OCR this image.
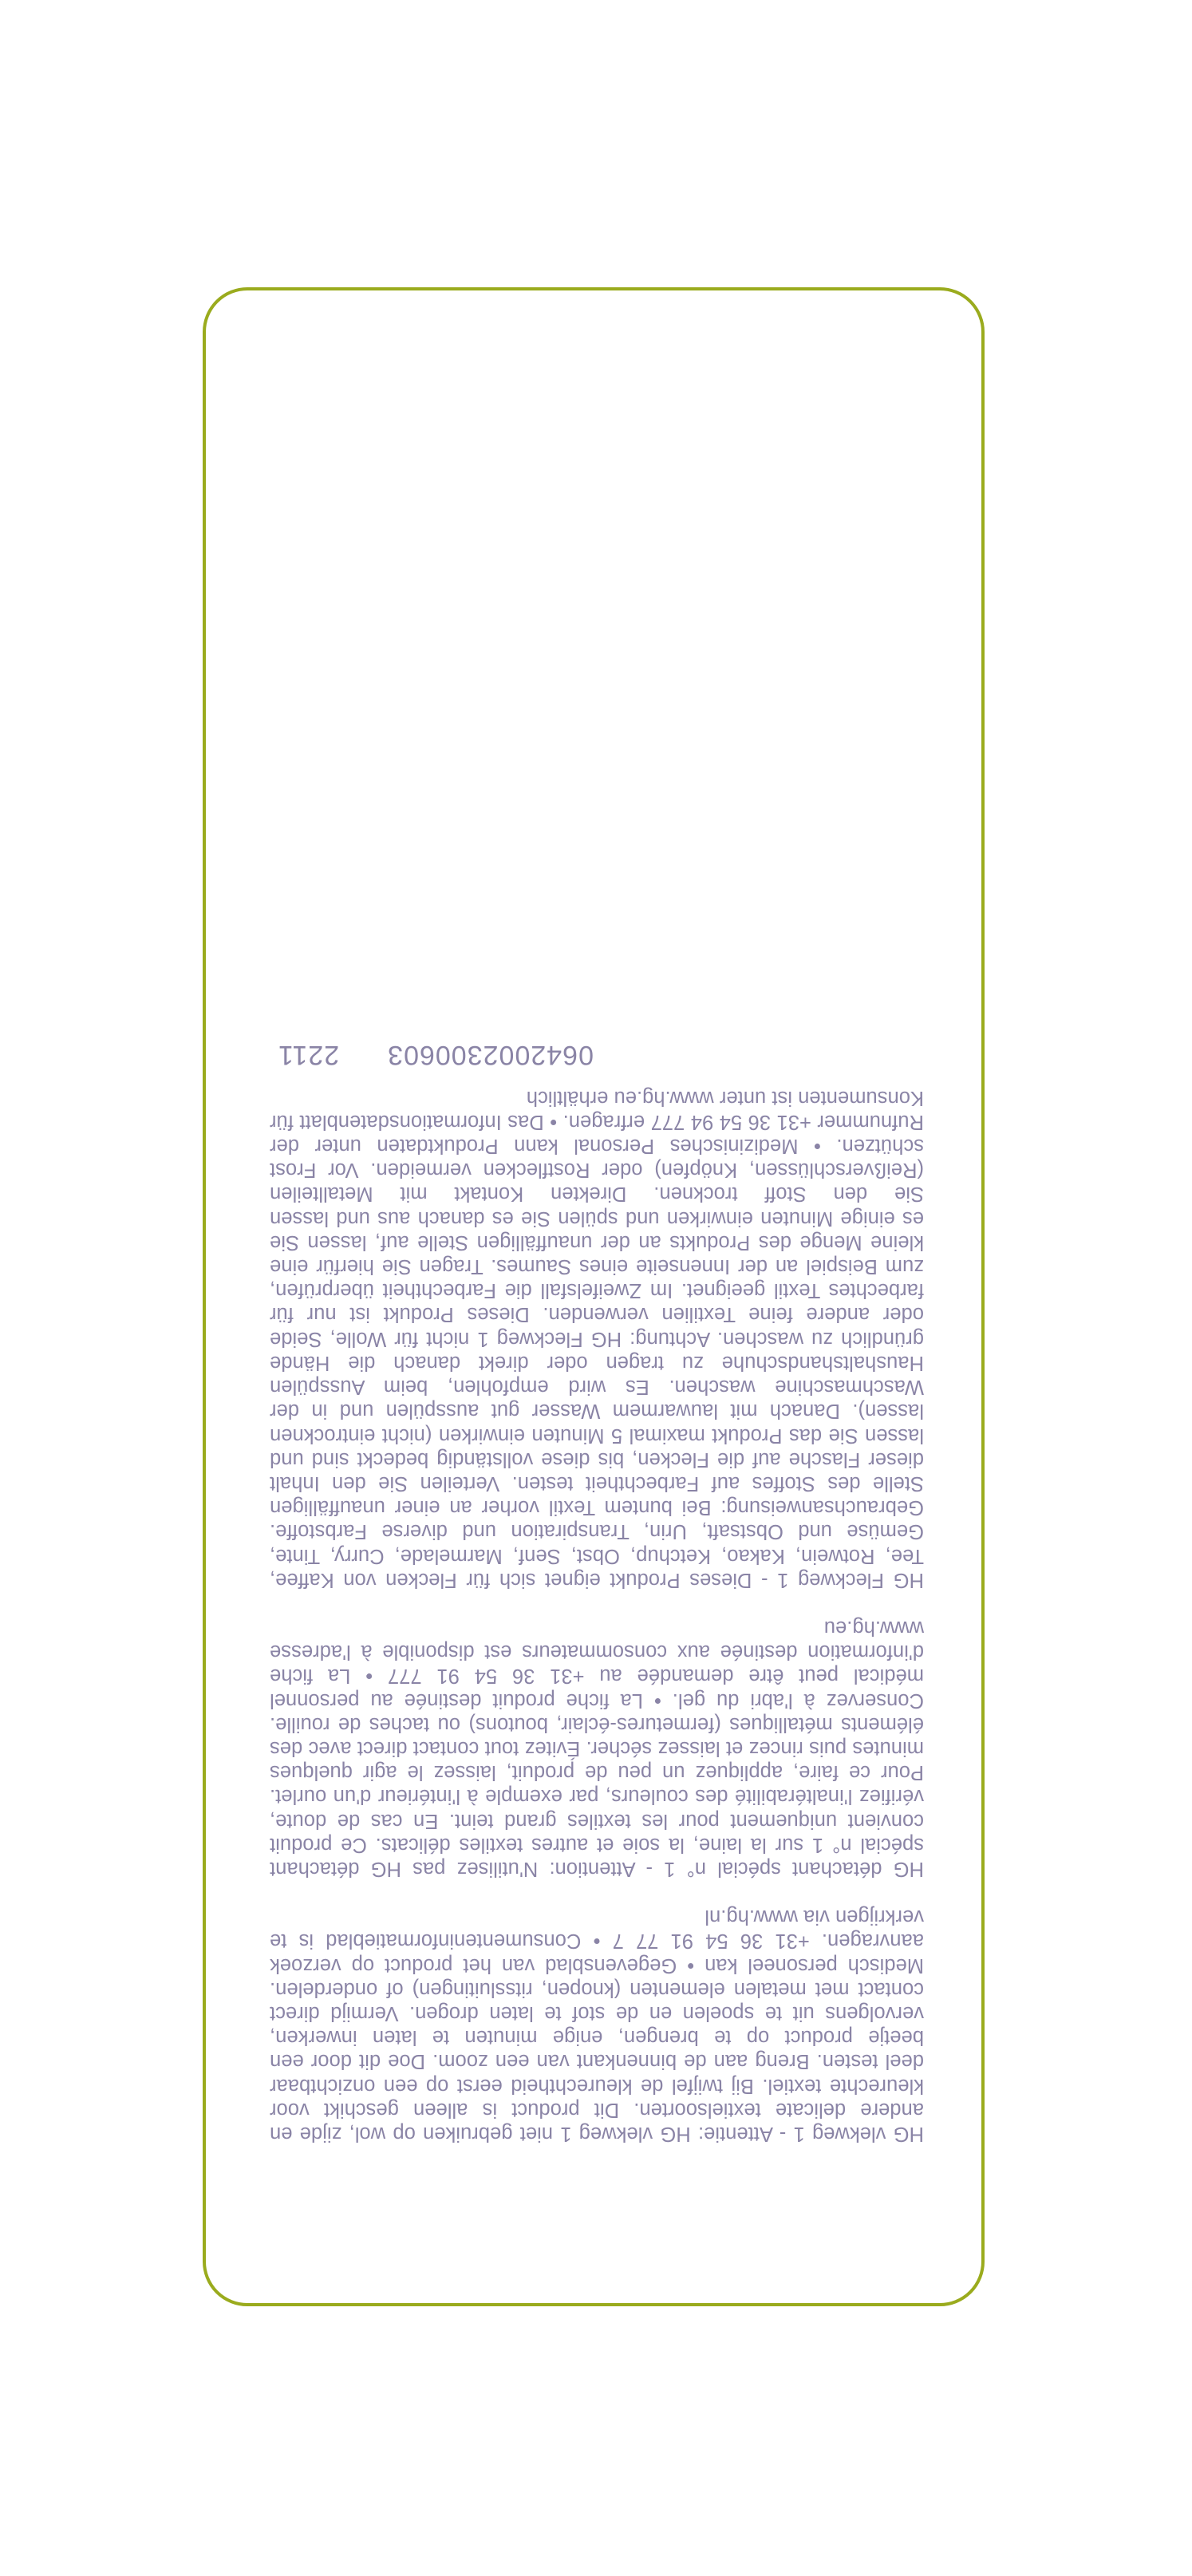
HG vlekweg 1 - Attentie: HG vlekweg 1 niet gebruiken op wol, zijde en andere delicate textielsoorten. Dit product is alleen geschikt voor kleurechte textiel. Bij twijfel de kleurechtheid eerst op een onzichtbaar deel testen. Breng aan de binnenkant van een zoom. Doe dit door een beetje product op te brengen, enige minuten te laten inwerken, vervolgens uit te spoelen en de stof te laten drogen. Vermijd direct contact met metalen elementen (knopen, ritssluitingen) of onderdelen. Medisch personeel kan • Gegevensblad van het product op verzoek aanvragen. +31 36 54 91 77 7 • Consumenteninformatieblad is te verkrijgen via www.hg.nl

HG détachant spécial n° 1 - Attention: N'utilisez pas HG détachant spécial n° 1 sur la laine, la soie et autres textiles délicats. Ce produit convient uniquement pour les textiles grand teint. En cas de doute, vérifiez l'inaltérabilité des couleurs, par exemple à l'intérieur d'un ourlet. Pour ce faire, appliquez un peu de produit, laissez le agir quelques minutes puis rincez et laissez sécher. Évitez tout contact direct avec des éléments métalliques (fermetures-éclair, boutons) ou taches de rouille. Conservez à l'abri du gel. • La fiche produit destinée au personnel médical peut être demandée au +31 36 54 91 777 • La fiche d'information destinée aux consommateurs est disponible à l'adresse www.hg.eu

HG Fleckweg 1 - Dieses Produkt eignet sich für Flecken von Kaffee, Tee, Rotwein, Kakao, Ketchup, Obst, Senf, Marmelade, Curry, Tinte, Gemüse und Obstsaft, Urin, Transpiration und diverse Farbstoffe. Gebrauchsanweisung: Bei buntem Textil vorher an einer unauffälligen Stelle des Stoffes auf Farbechtheit testen. Verteilen Sie den Inhalt dieser Flasche auf die Flecken, bis diese vollständig bedeckt sind und lassen Sie das Produkt maximal 5 Minuten einwirken (nicht eintrocknen lassen). Danach mit lauwarmem Wasser gut ausspülen und in der Waschmaschine waschen. Es wird empfohlen, beim Ausspülen Haushaltshandschuhe zu tragen oder direkt danach die Hände gründlich zu waschen. Achtung: HG Fleckweg 1 nicht für Wolle, Seide oder andere feine Textilien verwenden. Dieses Produkt ist nur für farbechtes Textil geeignet. Im Zweifelsfall die Farbechtheit überprüfen, zum Beispiel an der Innenseite eines Saumes. Tragen Sie hierfür eine kleine Menge des Produkts an der unauffälligen Stelle auf, lassen Sie es einige Minuten einwirken und spülen Sie es danach aus und lassen Sie den Stoff trocknen. Direkten Kontakt mit Metallteilen (Reißverschlüssen, Knöpfen) oder Rostflecken vermeiden. Vor Frost schützen. • Medizinisches Personal kann Produktdaten unter der Rufnummer +31 36 54 94 777 erfragen. • Das Informationsdatenblatt für Konsumenten ist unter www.hg.eu erhältlich

06420023006032211
